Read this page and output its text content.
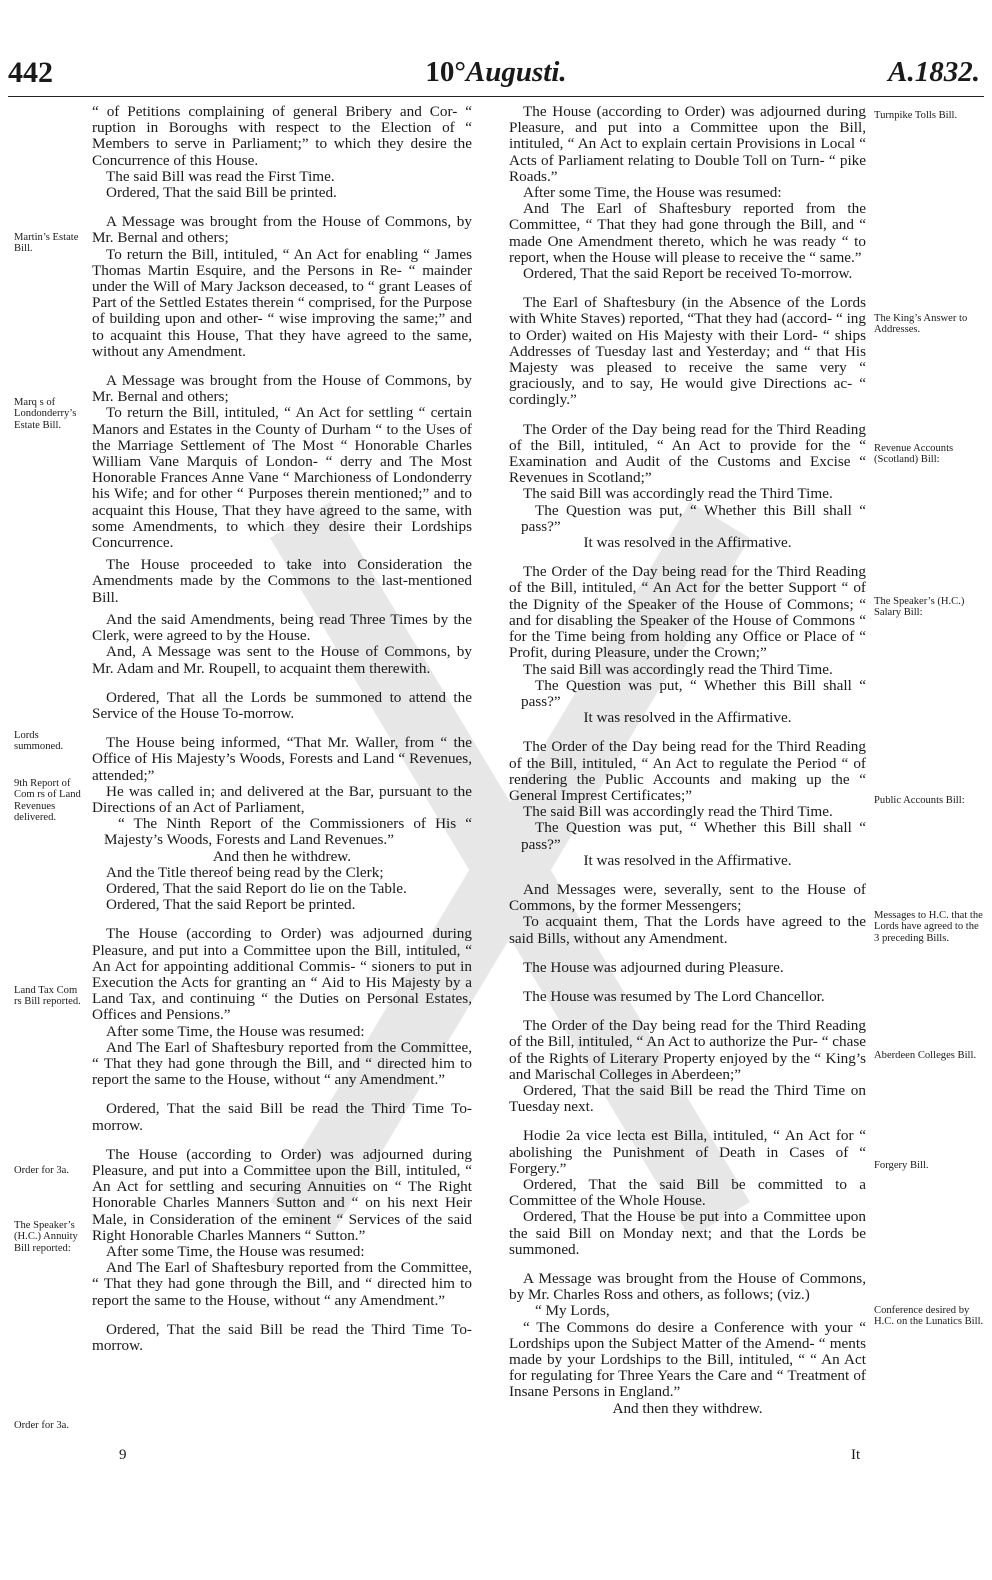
442	10°Augusti.	A.1832.

“ of Petitions complaining of general Bribery and Cor- “ ruption in Boroughs with respect to the Election of “ Members to serve in Parliament;” to which they desire the Concurrence of this House.

The said Bill was read the First Time.

Ordered, That the said Bill be printed.

A Message was brought from the House of Commons, by Mr. Bernal and others;

To return the Bill, intituled, “ An Act for enabling “ James Thomas Martin Esquire, and the Persons in Re- “ mainder under the Will of Mary Jackson deceased, to “ grant Leases of Part of the Settled Estates therein “ comprised, for the Purpose of building upon and other- “ wise improving the same;” and to acquaint this House, That they have agreed to the same, without any Amendment.

A Message was brought from the House of Commons, by Mr. Bernal and others;

To return the Bill, intituled, “ An Act for settling “ certain Manors and Estates in the County of Durham “ to the Uses of the Marriage Settlement of The Most “ Honorable Charles William Vane Marquis of London- “ derry and The Most Honorable Frances Anne Vane “ Marchioness of Londonderry his Wife; and for other “ Purposes therein mentioned;” and to acquaint this House, That they have agreed to the same, with some Amendments, to which they desire their Lordships Concurrence.

The House proceeded to take into Consideration the Amendments made by the Commons to the last-mentioned Bill.

And the said Amendments, being read Three Times by the Clerk, were agreed to by the House.

And, A Message was sent to the House of Commons, by Mr. Adam and Mr. Roupell, to acquaint them therewith.

Ordered, That all the Lords be summoned to attend the Service of the House To-morrow.

The House being informed, “That Mr. Waller, from “ the Office of His Majesty’s Woods, Forests and Land “ Revenues, attended;”

He was called in; and delivered at the Bar, pursuant to the Directions of an Act of Parliament,

“ The Ninth Report of the Commissioners of His “ Majesty’s Woods, Forests and Land Revenues.”

And then he withdrew.

And the Title thereof being read by the Clerk;

Ordered, That the said Report do lie on the Table.

Ordered, That the said Report be printed.

The House (according to Order) was adjourned during Pleasure, and put into a Committee upon the Bill, intituled, “ An Act for appointing additional Commis- “ sioners to put in Execution the Acts for granting an “ Aid to His Majesty by a Land Tax, and continuing “ the Duties on Personal Estates, Offices and Pensions.”

After some Time, the House was resumed:

And The Earl of Shaftesbury reported from the Committee, “ That they had gone through the Bill, and “ directed him to report the same to the House, without “ any Amendment.”

Ordered, That the said Bill be read the Third Time To-morrow.

The House (according to Order) was adjourned during Pleasure, and put into a Committee upon the Bill, intituled, “ An Act for settling and securing Annuities on “ The Right Honorable Charles Manners Sutton and “ on his next Heir Male, in Consideration of the eminent “ Services of the said Right Honorable Charles Manners “ Sutton.”

After some Time, the House was resumed:

And The Earl of Shaftesbury reported from the Committee, “ That they had gone through the Bill, and “ directed him to report the same to the House, without “ any Amendment.”

Ordered, That the said Bill be read the Third Time To-morrow.

The House (according to Order) was adjourned during Pleasure, and put into a Committee upon the Bill, intituled, “ An Act to explain certain Provisions in Local “ Acts of Parliament relating to Double Toll on Turn- “ pike Roads.”

After some Time, the House was resumed:

And The Earl of Shaftesbury reported from the Committee, “ That they had gone through the Bill, and “ made One Amendment thereto, which he was ready “ to report, when the House will please to receive the “ same.”

Ordered, That the said Report be received To-morrow.

The Earl of Shaftesbury (in the Absence of the Lords with White Staves) reported, “That they had (accord- “ ing to Order) waited on His Majesty with their Lord- “ ships Addresses of Tuesday last and Yesterday; and “ that His Majesty was pleased to receive the same very “ graciously, and to say, He would give Directions ac- “ cordingly.”

The Order of the Day being read for the Third Reading of the Bill, intituled, “ An Act to provide for the “ Examination and Audit of the Customs and Excise “ Revenues in Scotland;”

The said Bill was accordingly read the Third Time.

The Question was put, “ Whether this Bill shall “ pass?”

It was resolved in the Affirmative.

The Order of the Day being read for the Third Reading of the Bill, intituled, “ An Act for the better Support “ of the Dignity of the Speaker of the House of Commons; “ and for disabling the Speaker of the House of Commons “ for the Time being from holding any Office or Place of “ Profit, during Pleasure, under the Crown;”

The said Bill was accordingly read the Third Time.

The Question was put, “ Whether this Bill shall “ pass?”

It was resolved in the Affirmative.

The Order of the Day being read for the Third Reading of the Bill, intituled, “ An Act to regulate the Period “ of rendering the Public Accounts and making up the “ General Imprest Certificates;”

The said Bill was accordingly read the Third Time.

The Question was put, “ Whether this Bill shall “ pass?”

It was resolved in the Affirmative.

And Messages were, severally, sent to the House of Commons, by the former Messengers;

To acquaint them, That the Lords have agreed to the said Bills, without any Amendment.

The House was adjourned during Pleasure.

The House was resumed by The Lord Chancellor.

The Order of the Day being read for the Third Reading of the Bill, intituled, “ An Act to authorize the Pur- “ chase of the Rights of Literary Property enjoyed by the “ King’s and Marischal Colleges in Aberdeen;”

Ordered, That the said Bill be read the Third Time on Tuesday next.

Hodie 2a vice lecta est Billa, intituled, “ An Act for “ abolishing the Punishment of Death in Cases of “ Forgery.”

Ordered, That the said Bill be committed to a Committee of the Whole House.

Ordered, That the House be put into a Committee upon the said Bill on Monday next; and that the Lords be summoned.

A Message was brought from the House of Commons, by Mr. Charles Ross and others, as follows; (viz.)

“ My Lords,

“ The Commons do desire a Conference with your “ Lordships upon the Subject Matter of the Amend- “ ments made by your Lordships to the Bill, intituled, “ “ An Act for regulating for Three Years the Care and “ Treatment of Insane Persons in England.”

And then they withdrew.

Martin’s Estate Bill.
Marq s of Londonderry’s Estate Bill.
Lords summoned.
9th Report of Com rs of Land Revenues delivered.
Land Tax Com rs Bill reported.
Order for 3a.
The Speaker’s (H.C.) Annuity Bill reported:
Order for 3a.
Turnpike Tolls Bill.
The King’s Answer to Addresses.
Revenue Accounts (Scotland) Bill:
The Speaker’s (H.C.) Salary Bill:
Public Accounts Bill:
Messages to H.C. that the Lords have agreed to the 3 preceding Bills.
Aberdeen Colleges Bill.
Forgery Bill.
Conference desired by H.C. on the Lunatics Bill.
9	It
